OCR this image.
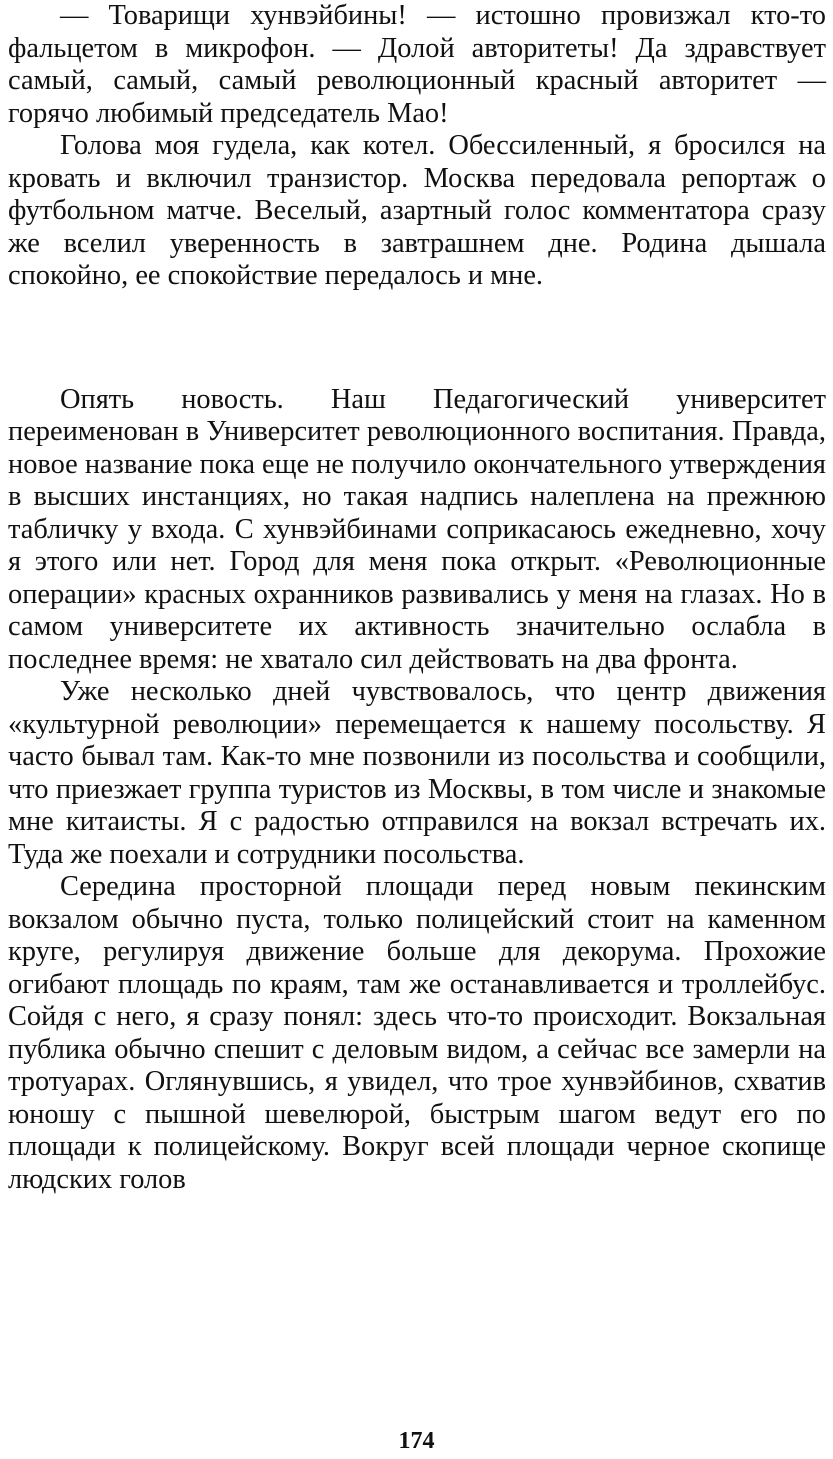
— Товарищи хунвэйбины! — истошно провизжал кто-то фальцетом в микрофон. — Долой авторитеты! Да здравствует самый, самый, самый революционный красный авторитет — горячо любимый председатель Мао!

Голова моя гудела, как котел. Обессиленный, я бросился на кровать и включил транзистор. Москва передовала репортаж о футбольном матче. Веселый, азартный голос комментатора сразу же вселил уверенность в завтрашнем дне. Родина дышала спокойно, ее спокойствие передалось и мне.

Опять новость. Наш Педагогический университет переименован в Университет революционного воспитания. Правда, новое название пока еще не получило окончательного утверждения в высших инстанциях, но такая надпись налеплена на прежнюю табличку у входа. С хунвэйбинами соприкасаюсь ежедневно, хочу я этого или нет. Город для меня пока открыт. «Революционные операции» красных охранников развивались у меня на глазах. Но в самом университете их активность значительно ослабла в последнее время: не хватало сил действовать на два фронта.

Уже несколько дней чувствовалось, что центр движения «культурной революции» перемещается к нашему посольству. Я часто бывал там. Как-то мне позвонили из посольства и сообщили, что приезжает группа туристов из Москвы, в том числе и знакомые мне китаисты. Я с радостью отправился на вокзал встречать их. Туда же поехали и сотрудники посольства.

Середина просторной площади перед новым пекинским вокзалом обычно пуста, только полицейский стоит на каменном круге, регулируя движение больше для декорума. Прохожие огибают площадь по краям, там же останавливается и троллейбус. Сойдя с него, я сразу понял: здесь что-то происходит. Вокзальная публика обычно спешит с деловым видом, а сейчас все замерли на тротуарах. Оглянувшись, я увидел, что трое хунвэйбинов, схватив юношу с пышной шевелюрой, быстрым шагом ведут его по площади к полицейскому. Вокруг всей площади черное скопище людских голов

174
